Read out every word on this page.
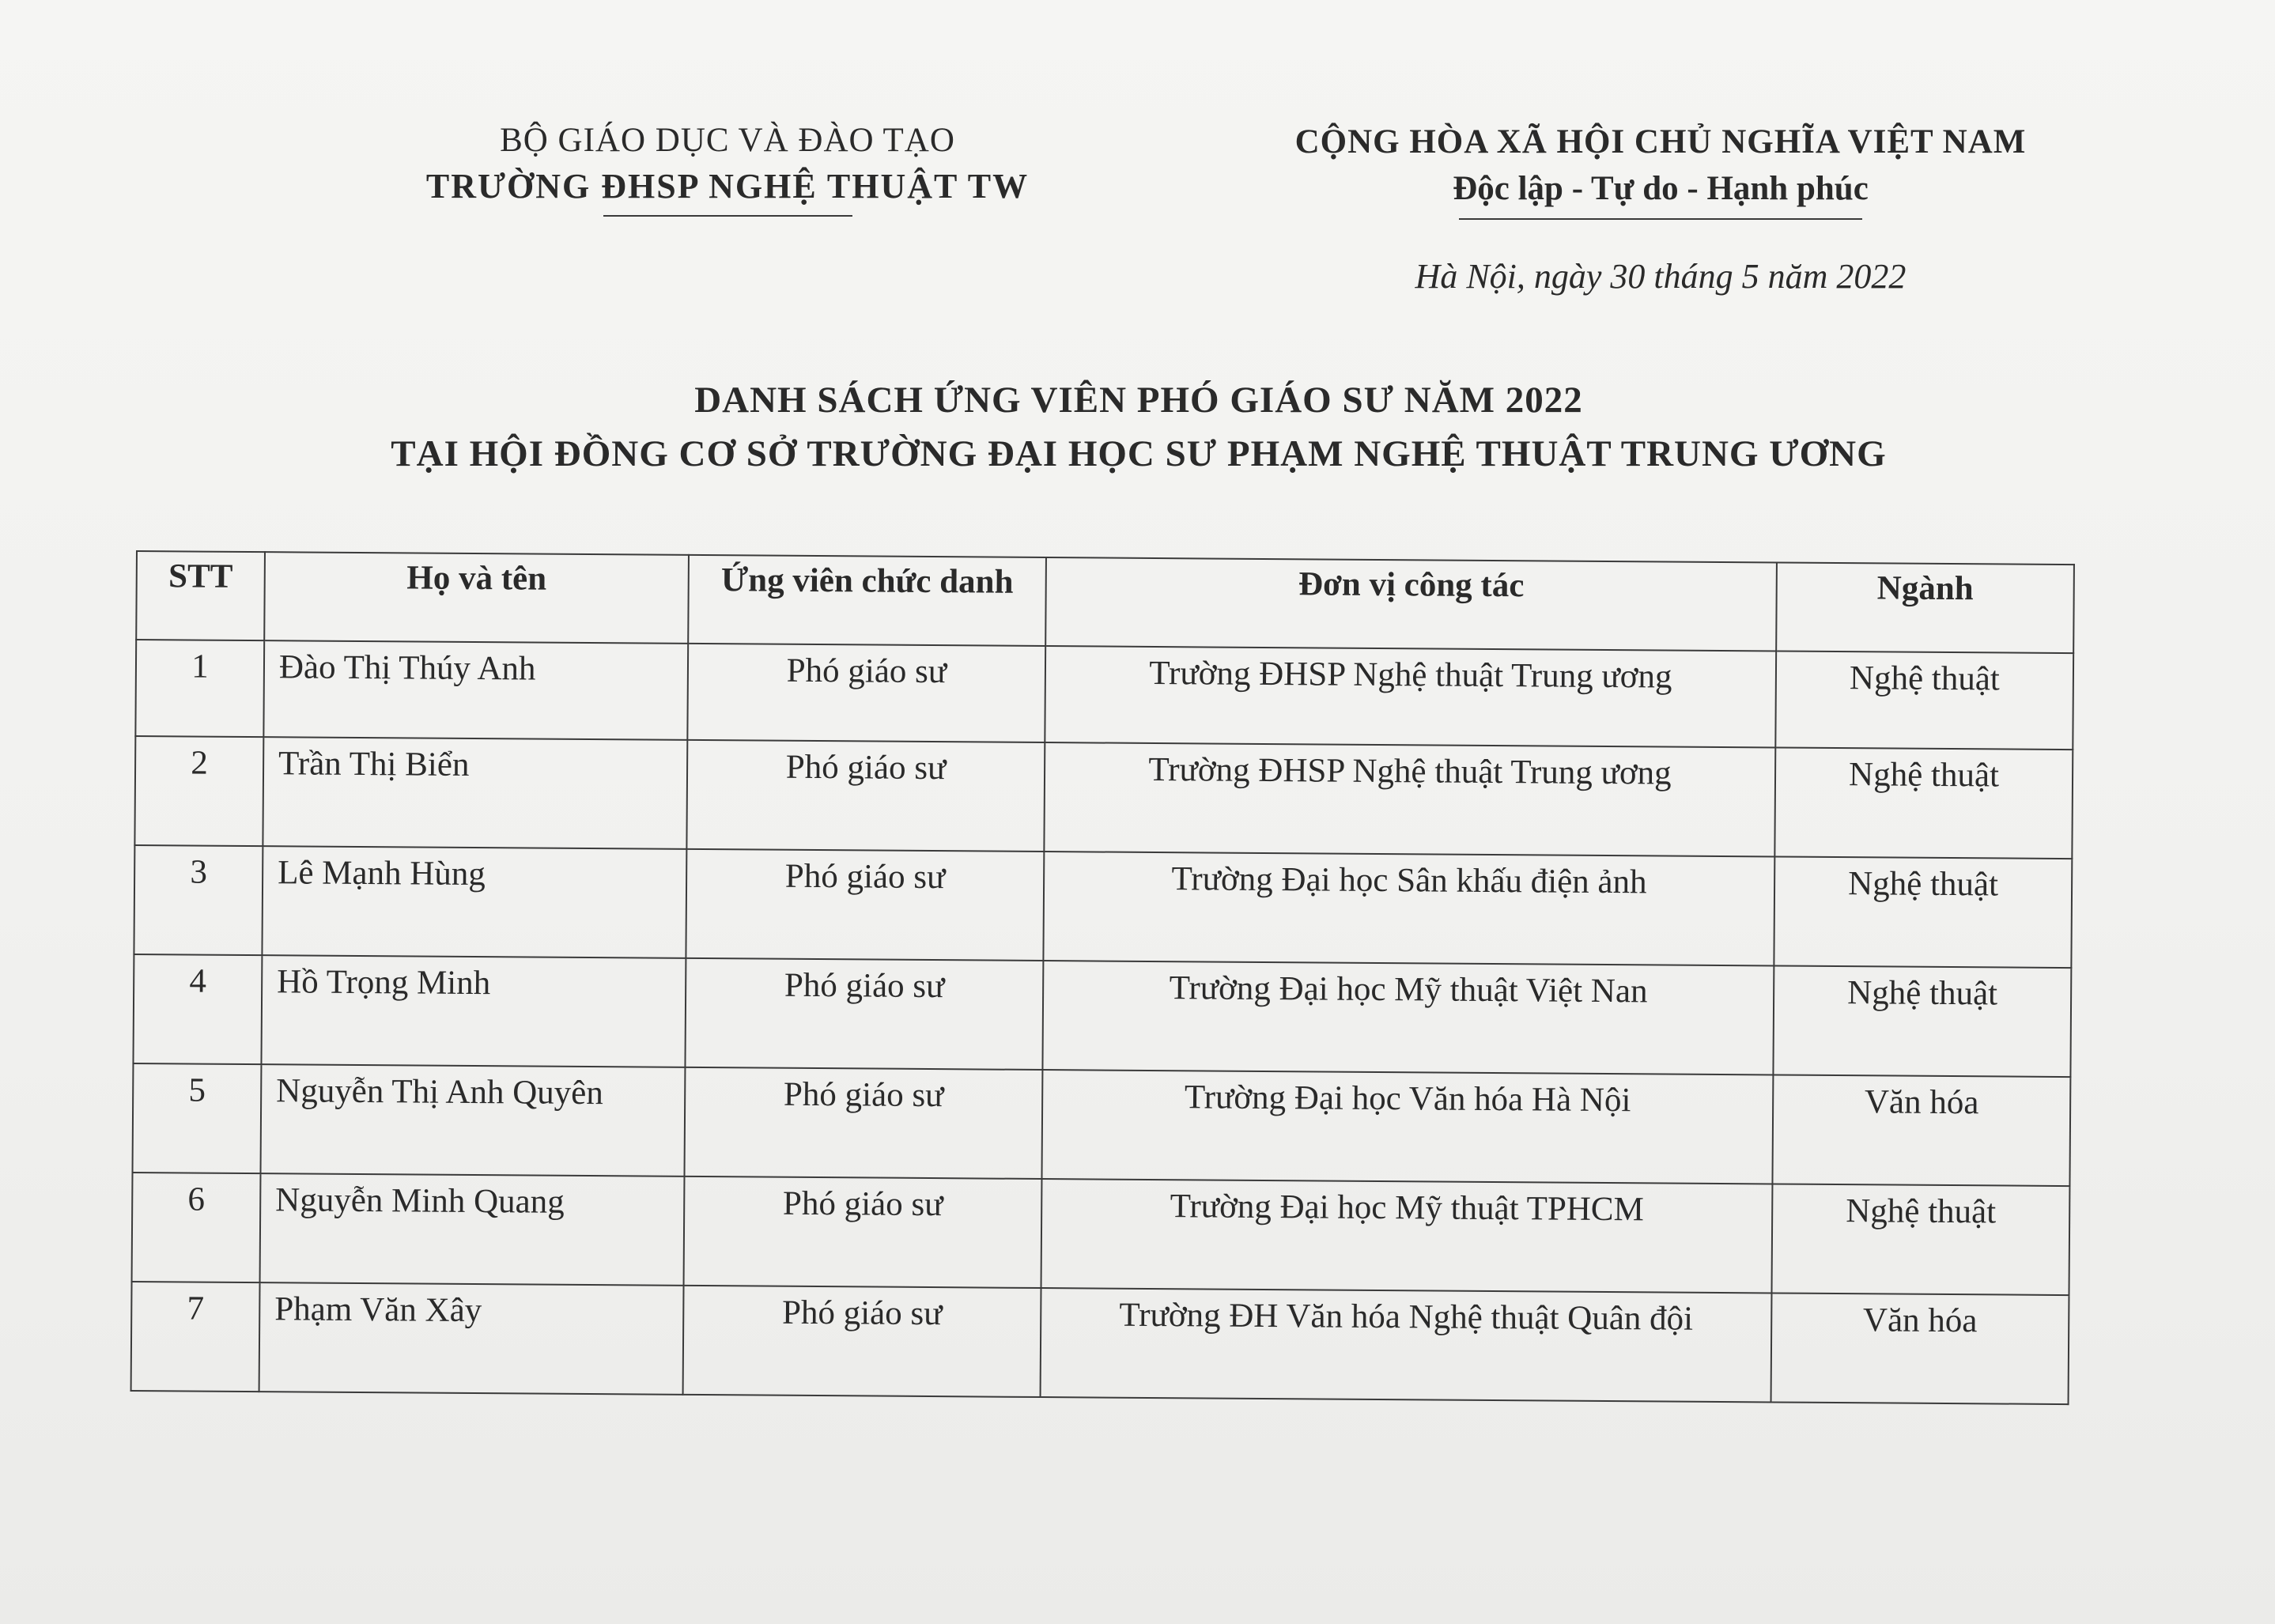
BỘ GIÁO DỤC VÀ ĐÀO TẠO
TRƯỜNG ĐHSP NGHỆ THUẬT TW
CỘNG HÒA XÃ HỘI CHỦ NGHĨA VIỆT NAM
Độc lập - Tự do - Hạnh phúc
Hà Nội, ngày 30 tháng 5 năm 2022
DANH SÁCH ỨNG VIÊN PHÓ GIÁO SƯ NĂM 2022
TẠI HỘI ĐỒNG CƠ SỞ TRƯỜNG ĐẠI HỌC SƯ PHẠM NGHỆ THUẬT TRUNG ƯƠNG
STT	Họ và tên	Ứng viên chức danh	Đơn vị công tác	Ngành
1	Đào Thị Thúy Anh	Phó giáo sư	Trường ĐHSP Nghệ thuật Trung ương	Nghệ thuật
2	Trần Thị Biển	Phó giáo sư	Trường ĐHSP Nghệ thuật Trung ương	Nghệ thuật
3	Lê Mạnh Hùng	Phó giáo sư	Trường Đại học Sân khấu điện ảnh	Nghệ thuật
4	Hồ Trọng Minh	Phó giáo sư	Trường Đại học Mỹ thuật Việt Nan	Nghệ thuật
5	Nguyễn Thị Anh Quyên	Phó giáo sư	Trường Đại học Văn hóa Hà Nội	Văn hóa
6	Nguyễn Minh Quang	Phó giáo sư	Trường Đại học Mỹ thuật TPHCM	Nghệ thuật
7	Phạm Văn Xây	Phó giáo sư	Trường ĐH Văn hóa Nghệ thuật Quân đội	Văn hóa
